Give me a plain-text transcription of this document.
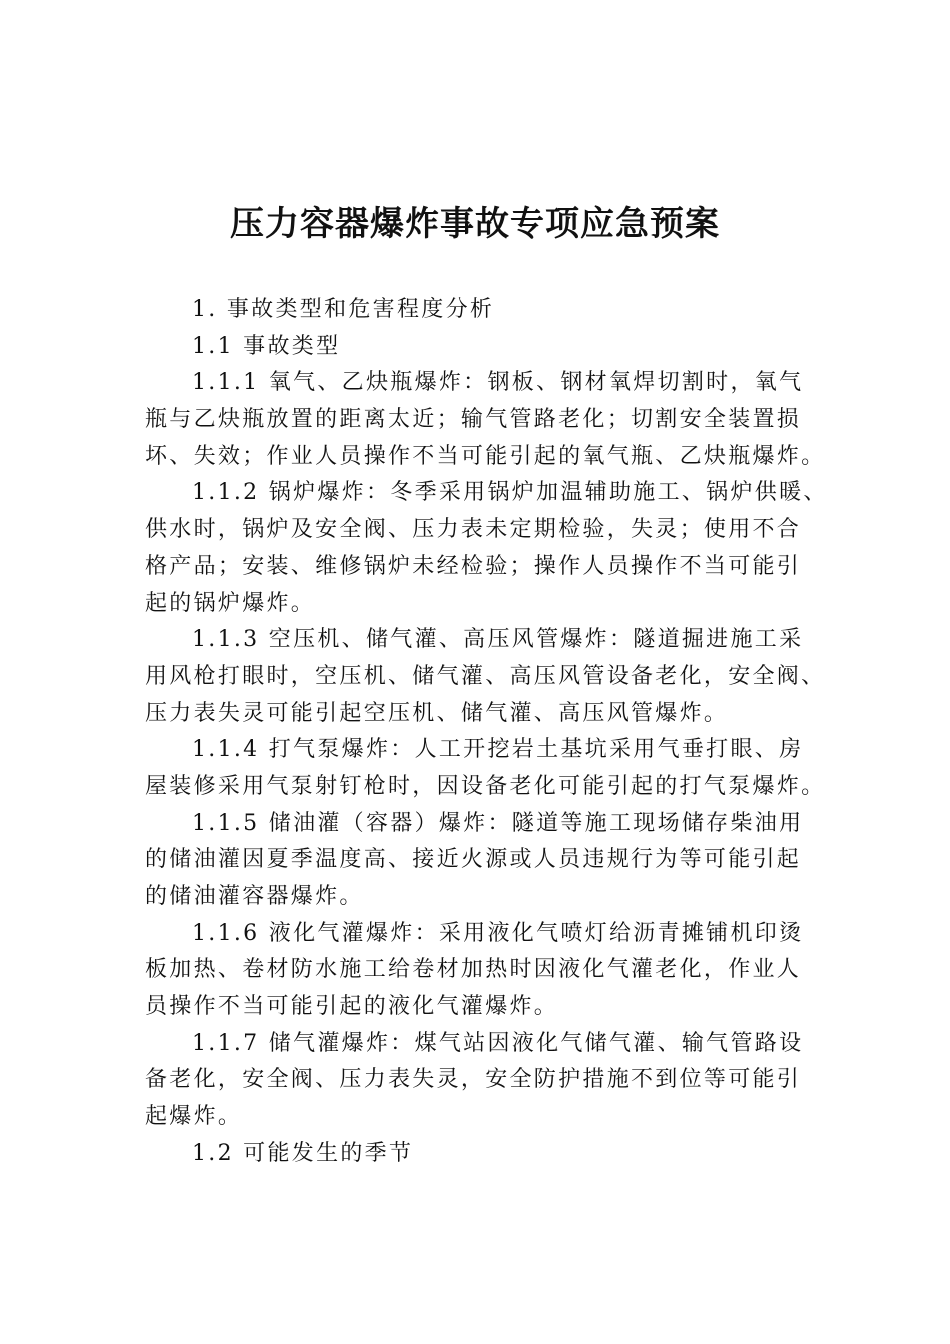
压力容器爆炸事故专项应急预案
1. 事故类型和危害程度分析
1.1 事故类型
1.1.1 氧气、乙炔瓶爆炸：钢板、钢材氧焊切割时，氧气
瓶与乙炔瓶放置的距离太近；输气管路老化；切割安全装置损
坏、失效；作业人员操作不当可能引起的氧气瓶、乙炔瓶爆炸。
1.1.2 锅炉爆炸：冬季采用锅炉加温辅助施工、锅炉供暖、
供水时，锅炉及安全阀、压力表未定期检验，失灵；使用不合
格产品；安装、维修锅炉未经检验；操作人员操作不当可能引
起的锅炉爆炸。
1.1.3 空压机、储气灌、高压风管爆炸：隧道掘进施工采
用风枪打眼时，空压机、储气灌、高压风管设备老化，安全阀、
压力表失灵可能引起空压机、储气灌、高压风管爆炸。
1.1.4 打气泵爆炸：人工开挖岩土基坑采用气垂打眼、房
屋装修采用气泵射钉枪时，因设备老化可能引起的打气泵爆炸。
1.1.5 储油灌（容器）爆炸：隧道等施工现场储存柴油用
的储油灌因夏季温度高、接近火源或人员违规行为等可能引起
的储油灌容器爆炸。
1.1.6 液化气灌爆炸：采用液化气喷灯给沥青摊铺机印烫
板加热、卷材防水施工给卷材加热时因液化气灌老化，作业人
员操作不当可能引起的液化气灌爆炸。
1.1.7 储气灌爆炸：煤气站因液化气储气灌、输气管路设
备老化，安全阀、压力表失灵，安全防护措施不到位等可能引
起爆炸。
1.2 可能发生的季节
